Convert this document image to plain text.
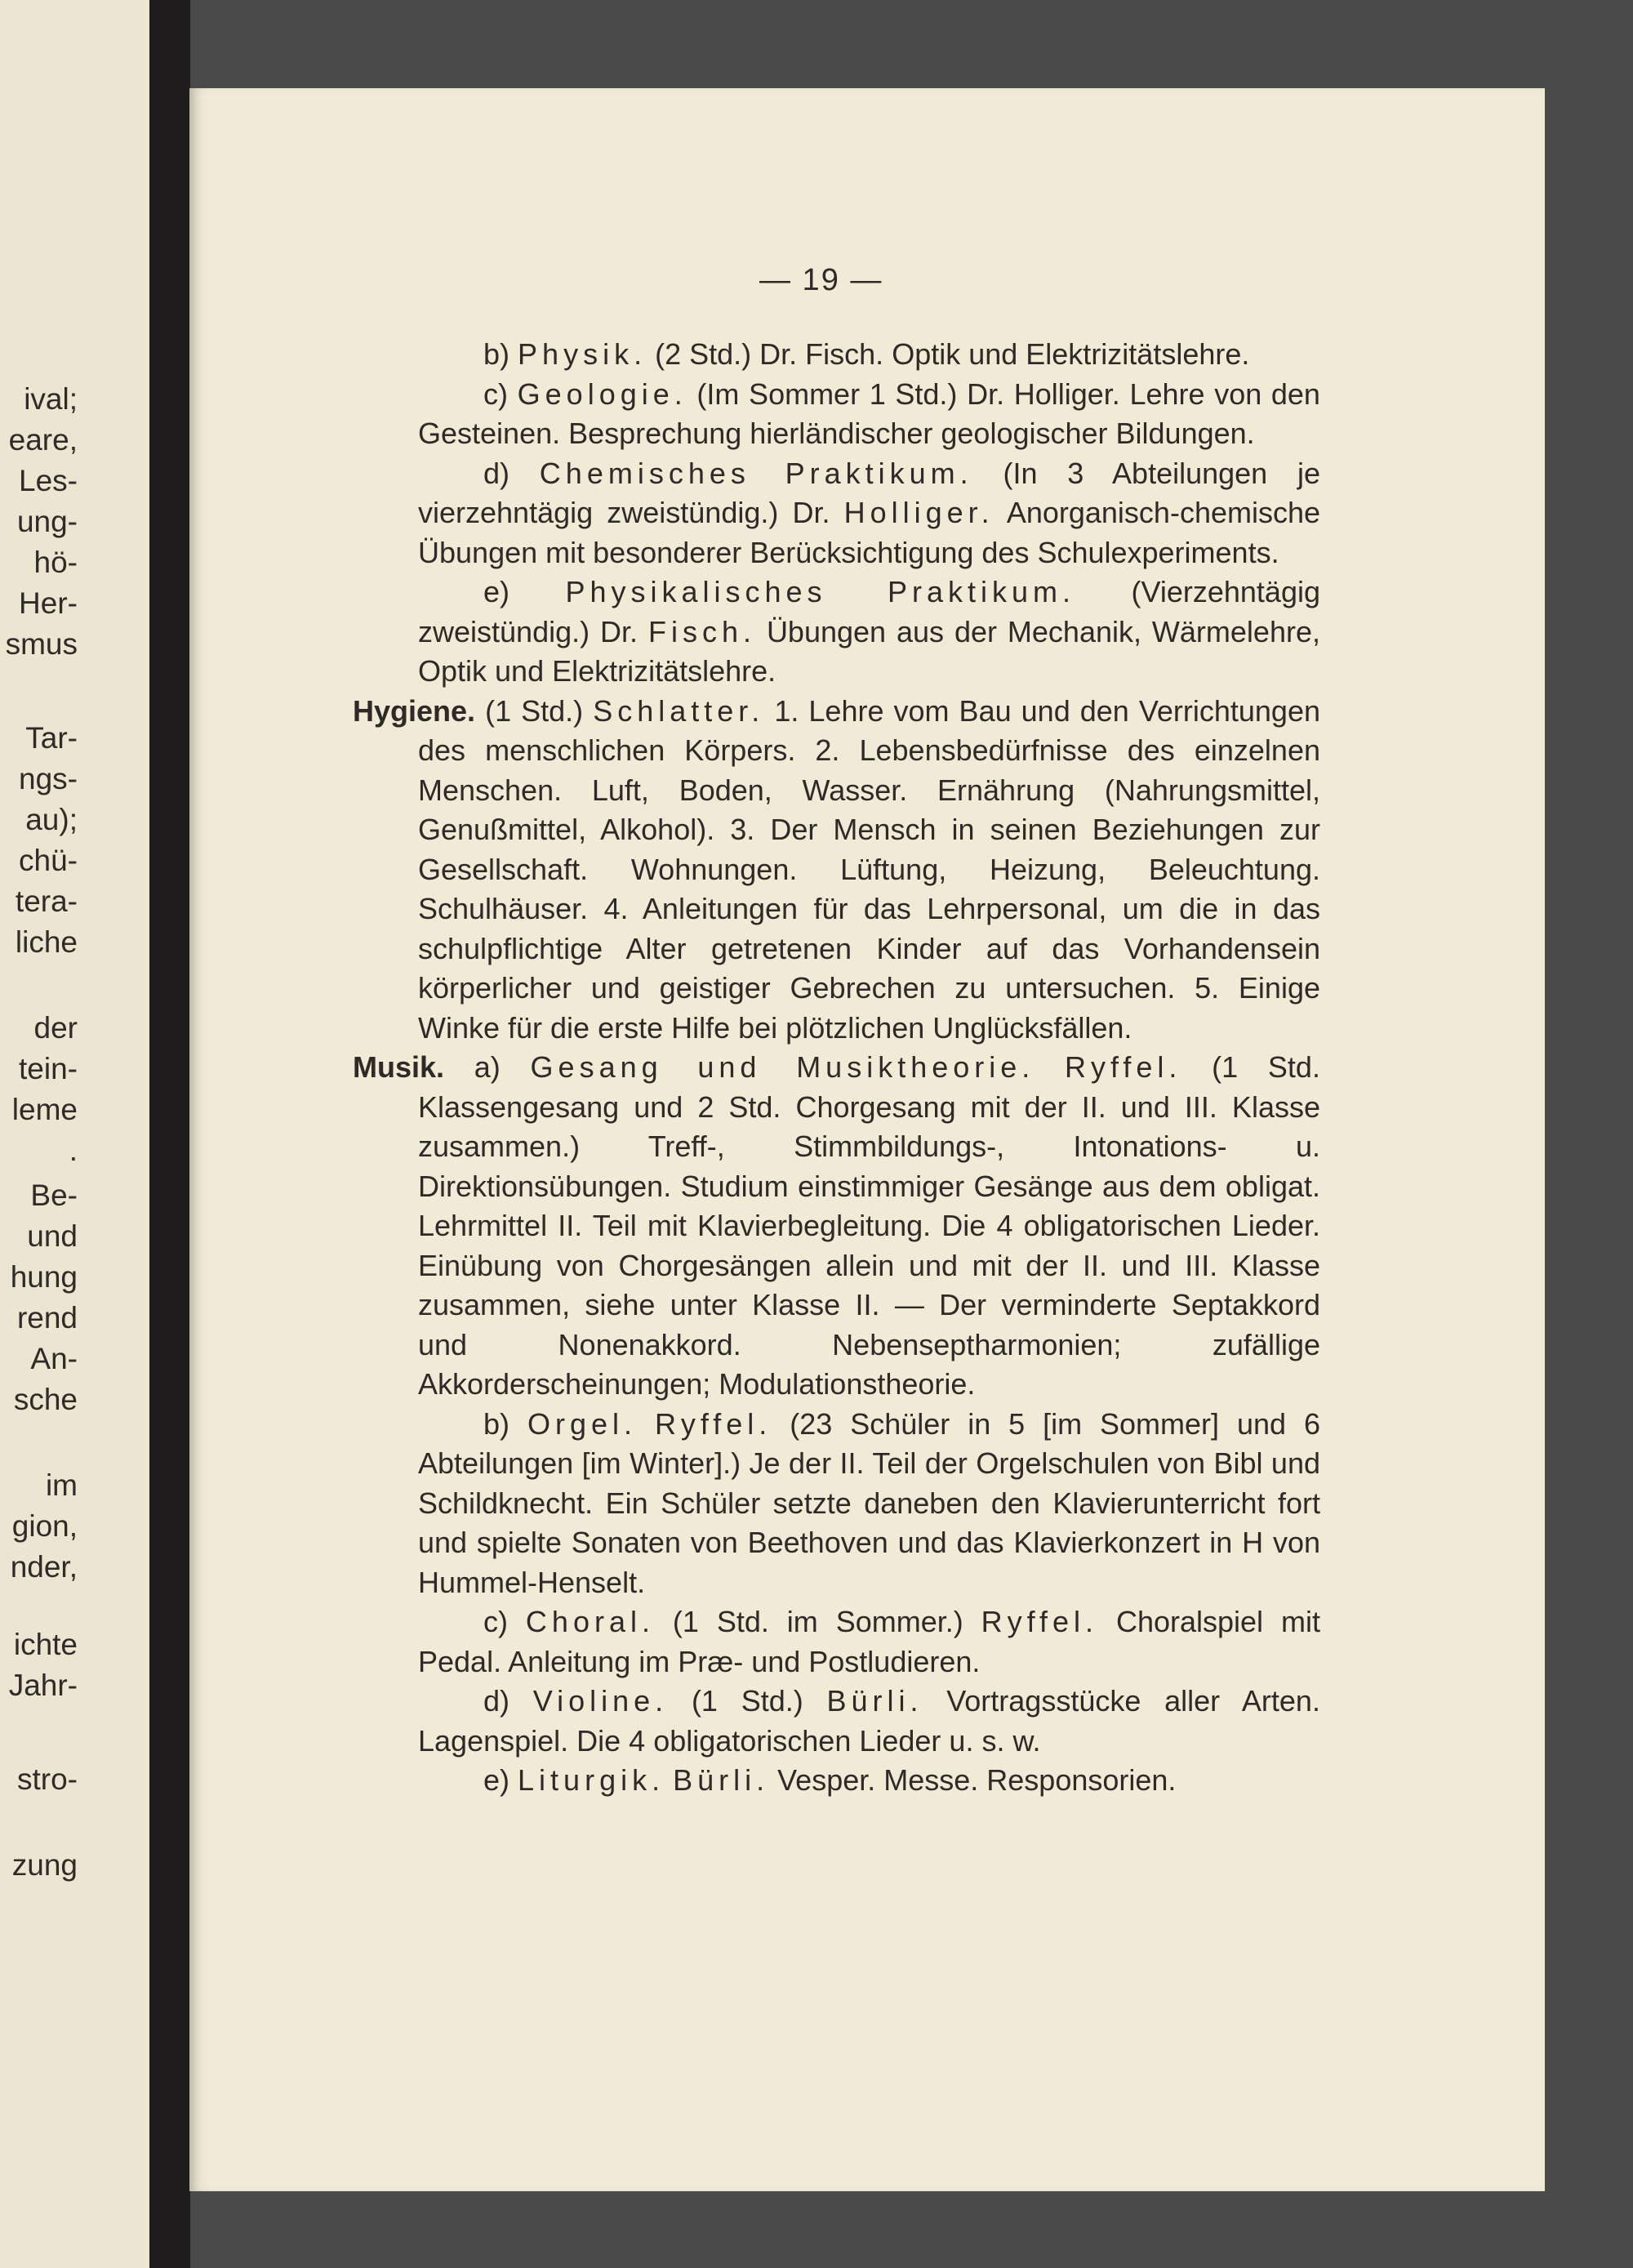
ival;
eare,
Les-
ung-
hö-
Her-
smus
Tar-
ngs-
au);
chü-
tera-
liche
der
tein-
leme
.
Be-
und
hung
rend
An-
sche
im
gion,
nder,
ichte
Jahr-
stro-
zung
— 19 —

b) Physik. (2 Std.) Dr. Fisch. Optik und Elektrizitätslehre.

c) Geologie. (Im Sommer 1 Std.) Dr. Holliger. Lehre von den Gesteinen. Besprechung hierländischer geologischer Bildungen.

d) Chemisches Praktikum. (In 3 Abteilungen je vierzehntägig zweistündig.) Dr. Holliger. Anorganisch-chemische Übungen mit besonderer Berücksichtigung des Schulexperiments.

e) Physikalisches Praktikum. (Vierzehntägig zweistündig.) Dr. Fisch. Übungen aus der Mechanik, Wärmelehre, Optik und Elektrizitätslehre.

Hygiene. (1 Std.) Schlatter. 1. Lehre vom Bau und den Verrichtungen des menschlichen Körpers. 2. Lebensbedürfnisse des einzelnen Menschen. Luft, Boden, Wasser. Ernährung (Nahrungsmittel, Genußmittel, Alkohol). 3. Der Mensch in seinen Beziehungen zur Gesellschaft. Wohnungen. Lüftung, Heizung, Beleuchtung. Schulhäuser. 4. Anleitungen für das Lehrpersonal, um die in das schulpflichtige Alter getretenen Kinder auf das Vorhandensein körperlicher und geistiger Gebrechen zu untersuchen. 5. Einige Winke für die erste Hilfe bei plötzlichen Unglücksfällen.

Musik. a) Gesang und Musiktheorie. Ryffel. (1 Std. Klassengesang und 2 Std. Chorgesang mit der II. und III. Klasse zusammen.) Treff-, Stimmbildungs-, Intonations- u. Direktionsübungen. Studium einstimmiger Gesänge aus dem obligat. Lehrmittel II. Teil mit Klavierbegleitung. Die 4 obligatorischen Lieder. Einübung von Chorgesängen allein und mit der II. und III. Klasse zusammen, siehe unter Klasse II. — Der verminderte Septakkord und Nonenakkord. Nebenseptharmonien; zufällige Akkorderscheinungen; Modulationstheorie.

b) Orgel. Ryffel. (23 Schüler in 5 [im Sommer] und 6 Abteilungen [im Winter].) Je der II. Teil der Orgelschulen von Bibl und Schildknecht. Ein Schüler setzte daneben den Klavierunterricht fort und spielte Sonaten von Beethoven und das Klavierkonzert in H von Hummel-Henselt.

c) Choral. (1 Std. im Sommer.) Ryffel. Choralspiel mit Pedal. Anleitung im Præ- und Postludieren.

d) Violine. (1 Std.) Bürli. Vortragsstücke aller Arten. Lagenspiel. Die 4 obligatorischen Lieder u. s. w.

e) Liturgik. Bürli. Vesper. Messe. Responsorien.
